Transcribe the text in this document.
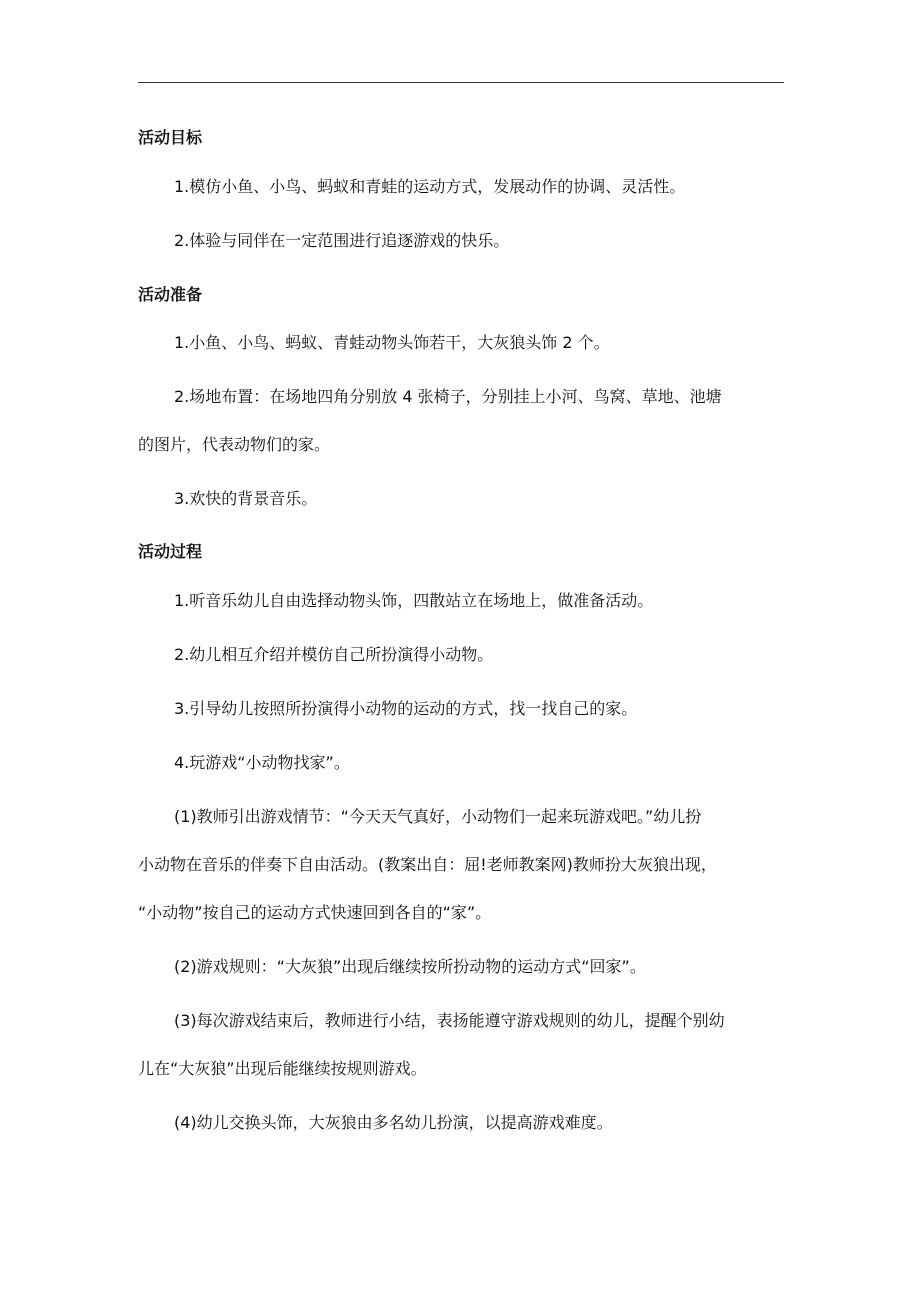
活动目标

1.模仿小鱼、小鸟、蚂蚁和青蛙的运动方式，发展动作的协调、灵活性。

2.体验与同伴在一定范围进行追逐游戏的快乐。

活动准备

1.小鱼、小鸟、蚂蚁、青蛙动物头饰若干，大灰狼头饰 2 个。

2.场地布置：在场地四角分别放 4 张椅子，分别挂上小河、鸟窝、草地、池塘

的图片，代表动物们的家。

3.欢快的背景音乐。

活动过程

1.听音乐幼儿自由选择动物头饰，四散站立在场地上，做准备活动。

2.幼儿相互介绍并模仿自己所扮演得小动物。

3.引导幼儿按照所扮演得小动物的运动的方式，找一找自己的家。

4.玩游戏“小动物找家”。

(1)教师引出游戏情节：“今天天气真好，小动物们一起来玩游戏吧。”幼儿扮

小动物在音乐的伴奏下自由活动。(教案出自：屈!老师教案网)教师扮大灰狼出现，

“小动物”按自己的运动方式快速回到各自的“家”。

(2)游戏规则：“大灰狼”出现后继续按所扮动物的运动方式“回家”。

(3)每次游戏结束后，教师进行小结，表扬能遵守游戏规则的幼儿，提醒个别幼

儿在“大灰狼”出现后能继续按规则游戏。

(4)幼儿交换头饰，大灰狼由多名幼儿扮演，以提高游戏难度。
